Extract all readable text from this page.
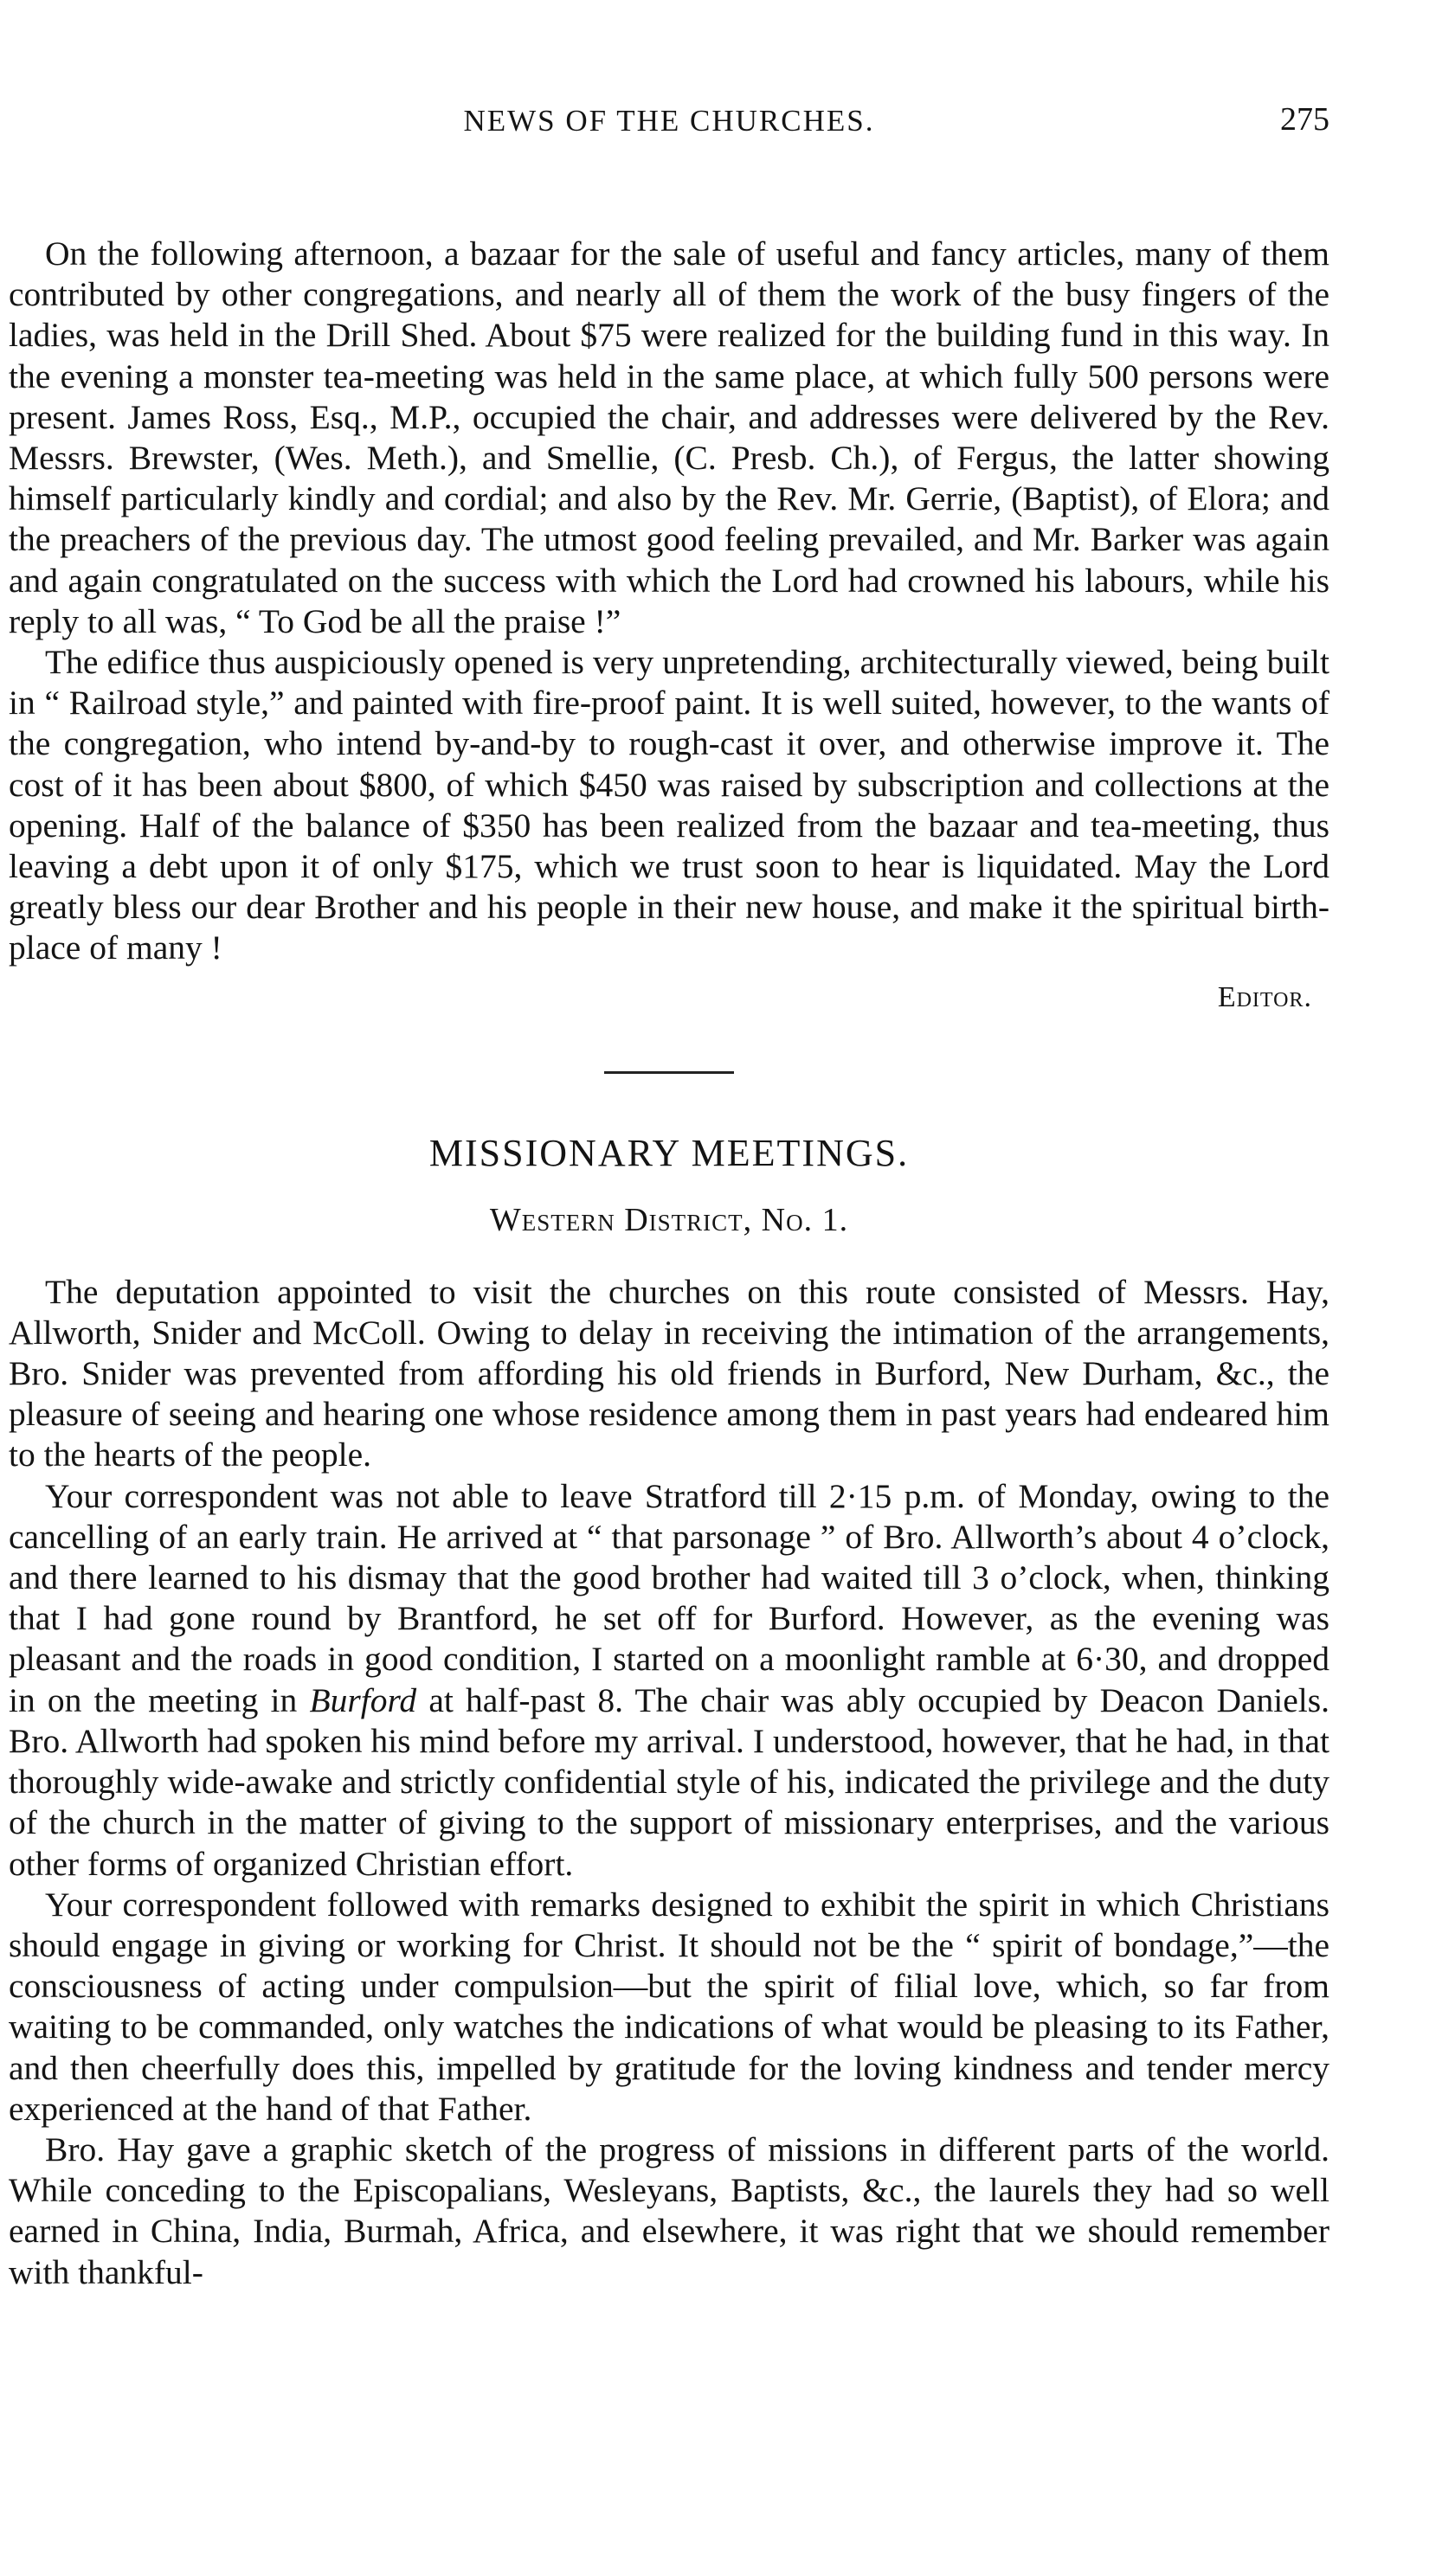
NEWS OF THE CHURCHES.	275

On the following afternoon, a bazaar for the sale of useful and fancy articles, many of them contributed by other congregations, and nearly all of them the work of the busy fingers of the ladies, was held in the Drill Shed. About $75 were realized for the building fund in this way. In the evening a monster tea-meeting was held in the same place, at which fully 500 persons were present. James Ross, Esq., M.P., occupied the chair, and addresses were delivered by the Rev. Messrs. Brewster, (Wes. Meth.), and Smellie, (C. Presb. Ch.), of Fergus, the latter showing himself particularly kindly and cordial; and also by the Rev. Mr. Gerrie, (Baptist), of Elora; and the preachers of the previous day. The utmost good feeling prevailed, and Mr. Barker was again and again congratulated on the success with which the Lord had crowned his labours, while his reply to all was, “ To God be all the praise !”

The edifice thus auspiciously opened is very unpretending, architecturally viewed, being built in “ Railroad style,” and painted with fire-proof paint. It is well suited, however, to the wants of the congregation, who intend by-and-by to rough-cast it over, and otherwise improve it. The cost of it has been about $800, of which $450 was raised by subscription and collections at the opening. Half of the balance of $350 has been realized from the bazaar and tea-meeting, thus leaving a debt upon it of only $175, which we trust soon to hear is liquidated. May the Lord greatly bless our dear Brother and his people in their new house, and make it the spiritual birth-place of many !

Editor.
MISSIONARY MEETINGS.
Western District, No. 1.

The deputation appointed to visit the churches on this route consisted of Messrs. Hay, Allworth, Snider and McColl. Owing to delay in receiving the intimation of the arrangements, Bro. Snider was prevented from affording his old friends in Burford, New Durham, &c., the pleasure of seeing and hearing one whose residence among them in past years had endeared him to the hearts of the people.

Your correspondent was not able to leave Stratford till 2·15 p.m. of Monday, owing to the cancelling of an early train. He arrived at “ that parsonage ” of Bro. Allworth’s about 4 o’clock, and there learned to his dismay that the good brother had waited till 3 o’clock, when, thinking that I had gone round by Brantford, he set off for Burford. However, as the evening was pleasant and the roads in good condition, I started on a moonlight ramble at 6·30, and dropped in on the meeting in Burford at half-past 8. The chair was ably occupied by Deacon Daniels. Bro. Allworth had spoken his mind before my arrival. I understood, however, that he had, in that thoroughly wide-awake and strictly confidential style of his, indicated the privilege and the duty of the church in the matter of giving to the support of missionary enterprises, and the various other forms of organized Christian effort.

Your correspondent followed with remarks designed to exhibit the spirit in which Christians should engage in giving or working for Christ. It should not be the “ spirit of bondage,”—the consciousness of acting under compulsion—but the spirit of filial love, which, so far from waiting to be commanded, only watches the indications of what would be pleasing to its Father, and then cheerfully does this, impelled by gratitude for the loving kindness and tender mercy experienced at the hand of that Father.

Bro. Hay gave a graphic sketch of the progress of missions in different parts of the world. While conceding to the Episcopalians, Wesleyans, Baptists, &c., the laurels they had so well earned in China, India, Burmah, Africa, and elsewhere, it was right that we should remember with thankful-
